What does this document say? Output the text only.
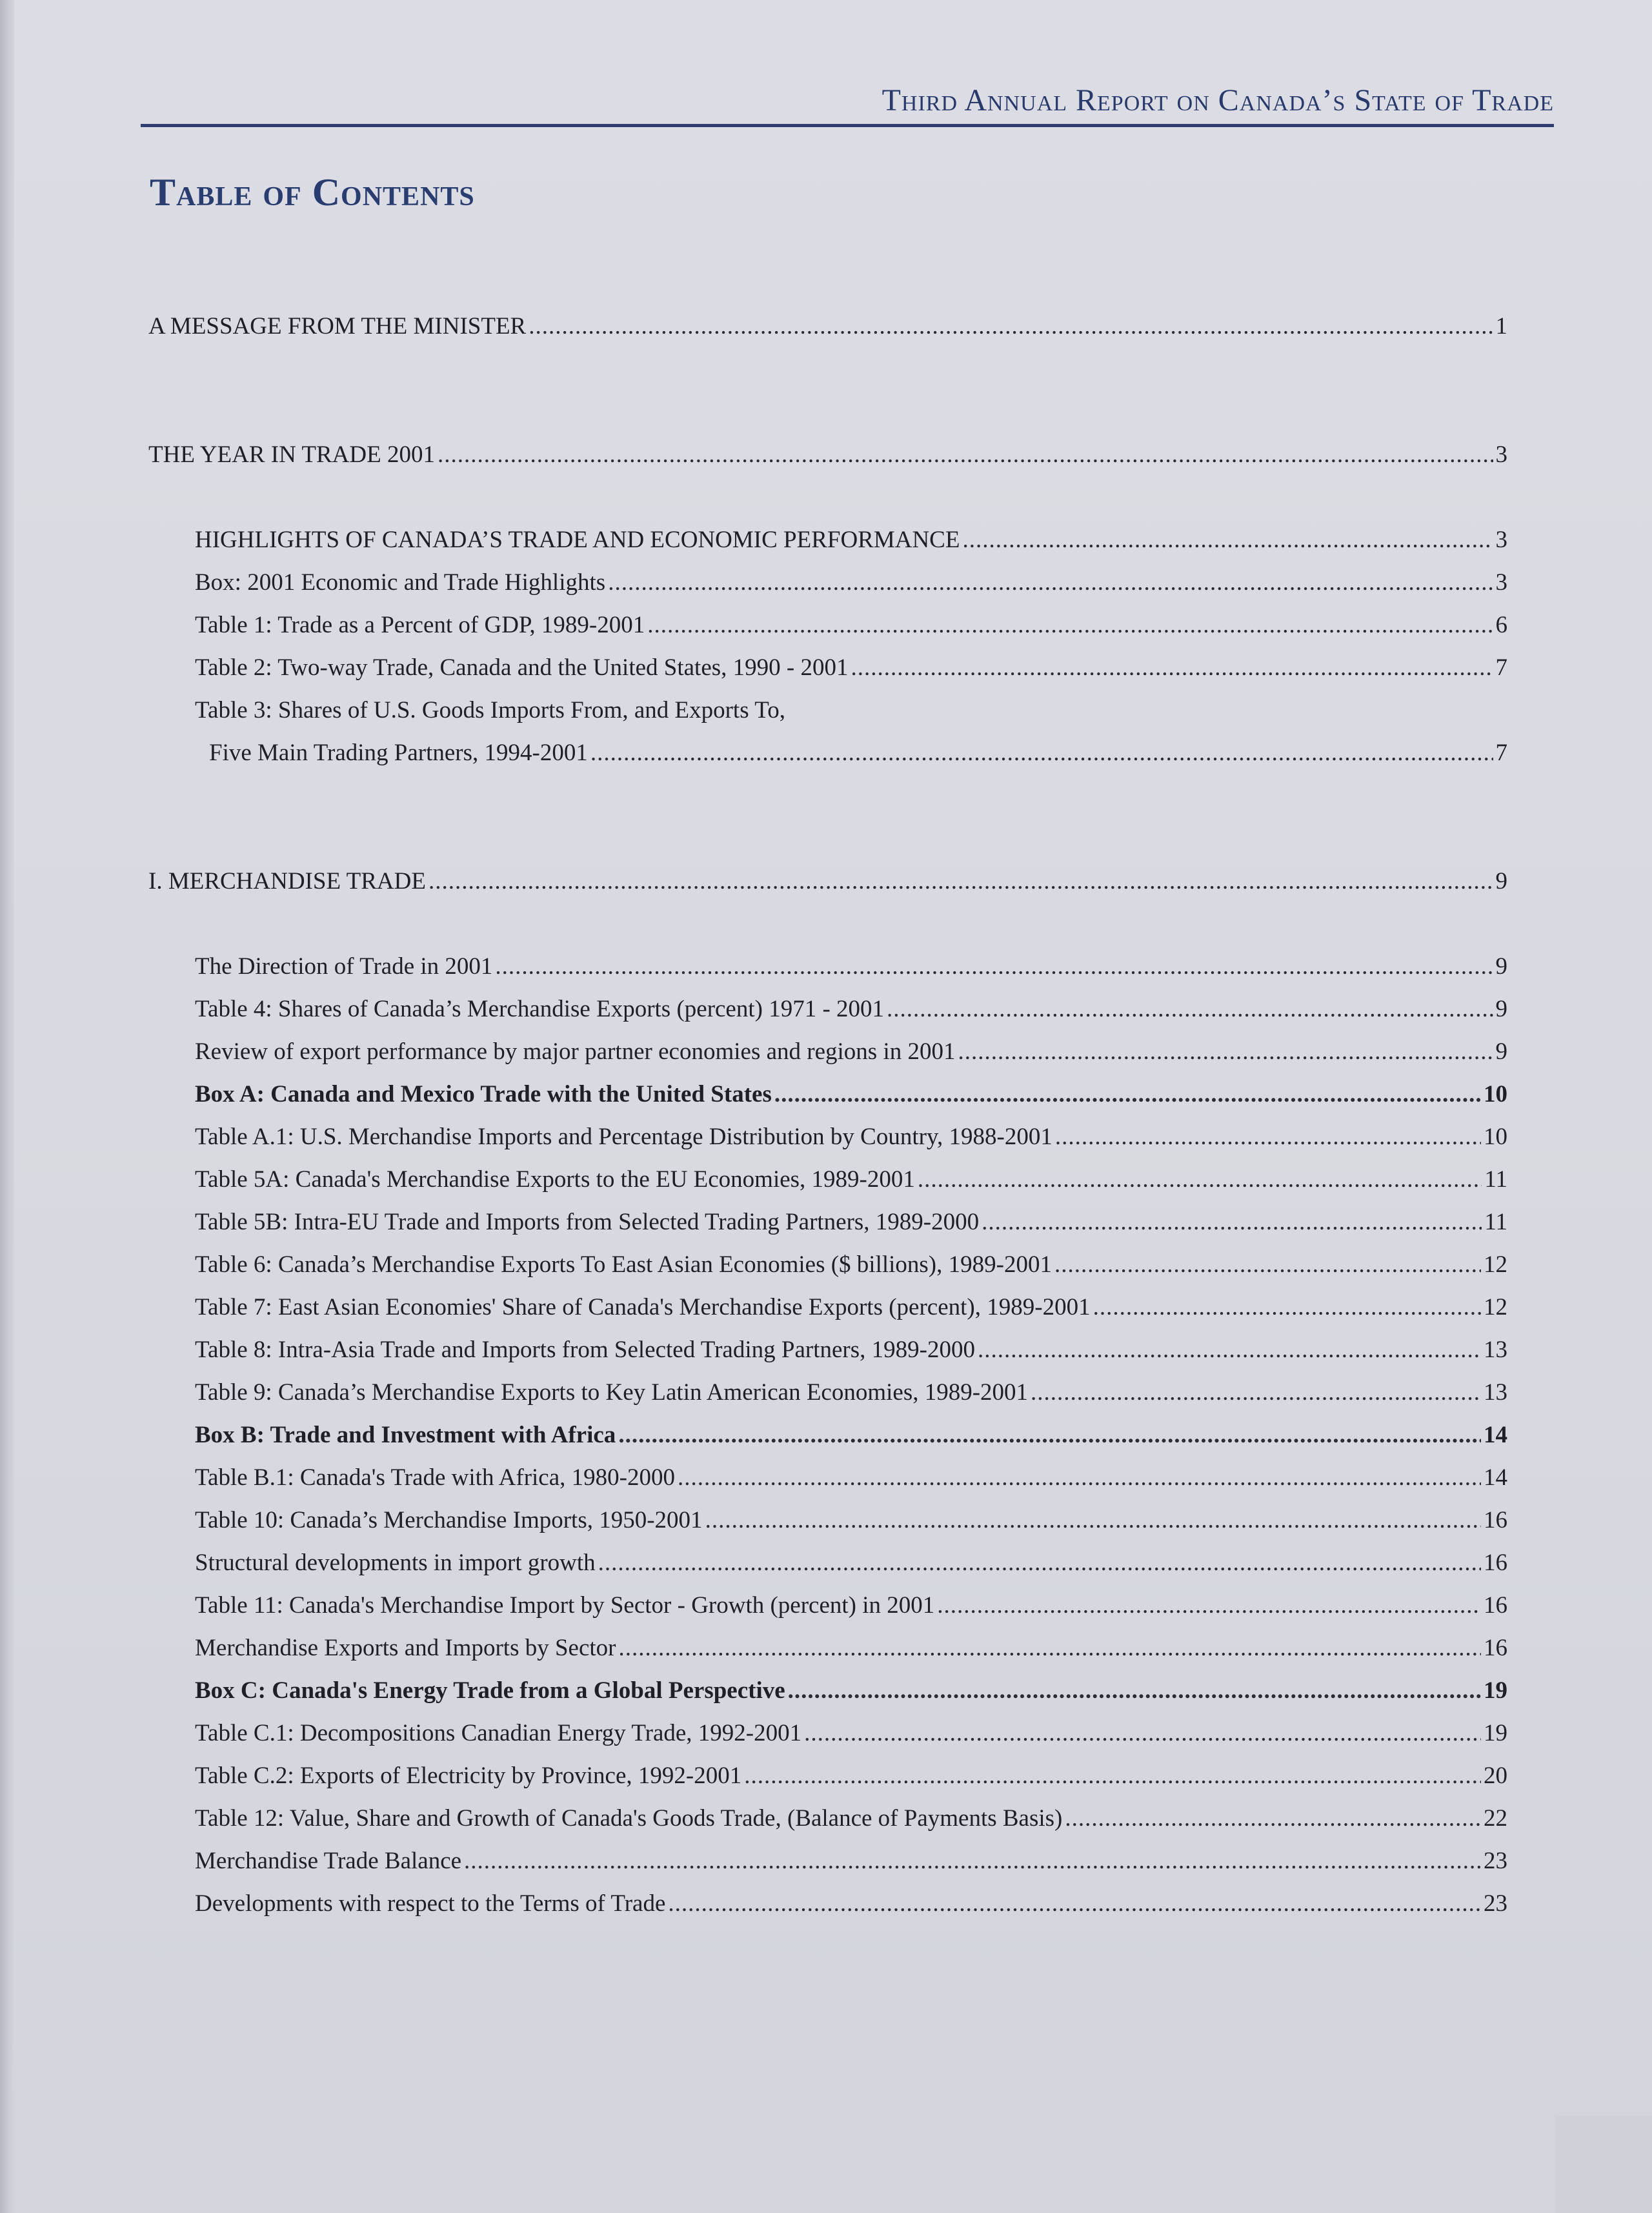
Third Annual Report on Canada’s State of Trade
Table of Contents
A MESSAGE FROM THE MINISTER .....	1
THE YEAR IN TRADE 2001 .....	3
HIGHLIGHTS OF CANADA’S TRADE AND ECONOMIC PERFORMANCE .....	3
Box: 2001 Economic and Trade Highlights .....	3
Table 1: Trade as a Percent of GDP, 1989-2001 .....	6
Table 2: Two-way Trade, Canada and the United States, 1990 - 2001 .....	7
Table 3: Shares of U.S. Goods Imports From, and Exports To,
Five Main Trading Partners, 1994-2001 .....	7
I. MERCHANDISE TRADE .....	9
The Direction of Trade in 2001 .....	9
Table 4: Shares of Canada’s Merchandise Exports (percent) 1971 - 2001 .....	9
Review of export performance by major partner economies and regions in 2001 .....	9
Box A: Canada and Mexico Trade with the United States .....	10
Table A.1: U.S. Merchandise Imports and Percentage Distribution by Country, 1988-2001 .....	10
Table 5A: Canada's Merchandise Exports to the EU Economies, 1989-2001 .....	11
Table 5B: Intra-EU Trade and Imports from Selected Trading Partners, 1989-2000 .....	11
Table 6: Canada’s Merchandise Exports To East Asian Economies ($ billions), 1989-2001 .....	12
Table 7: East Asian Economies' Share of Canada's Merchandise Exports (percent), 1989-2001 .....	12
Table 8: Intra-Asia Trade and Imports from Selected Trading Partners, 1989-2000 .....	13
Table 9: Canada’s Merchandise Exports to Key Latin American Economies, 1989-2001 .....	13
Box B: Trade and Investment with Africa .....	14
Table B.1: Canada's Trade with Africa, 1980-2000 .....	14
Table 10: Canada’s Merchandise Imports, 1950-2001 .....	16
Structural developments in import growth .....	16
Table 11: Canada's Merchandise Import by Sector - Growth (percent) in 2001 .....	16
Merchandise Exports and Imports by Sector .....	16
Box C: Canada's Energy Trade from a Global Perspective .....	19
Table C.1: Decompositions Canadian Energy Trade, 1992-2001 .....	19
Table C.2: Exports of Electricity by Province, 1992-2001 .....	20
Table 12: Value, Share and Growth of Canada's Goods Trade, (Balance of Payments Basis) .....	22
Merchandise Trade Balance .....	23
Developments with respect to the Terms of Trade .....	23
